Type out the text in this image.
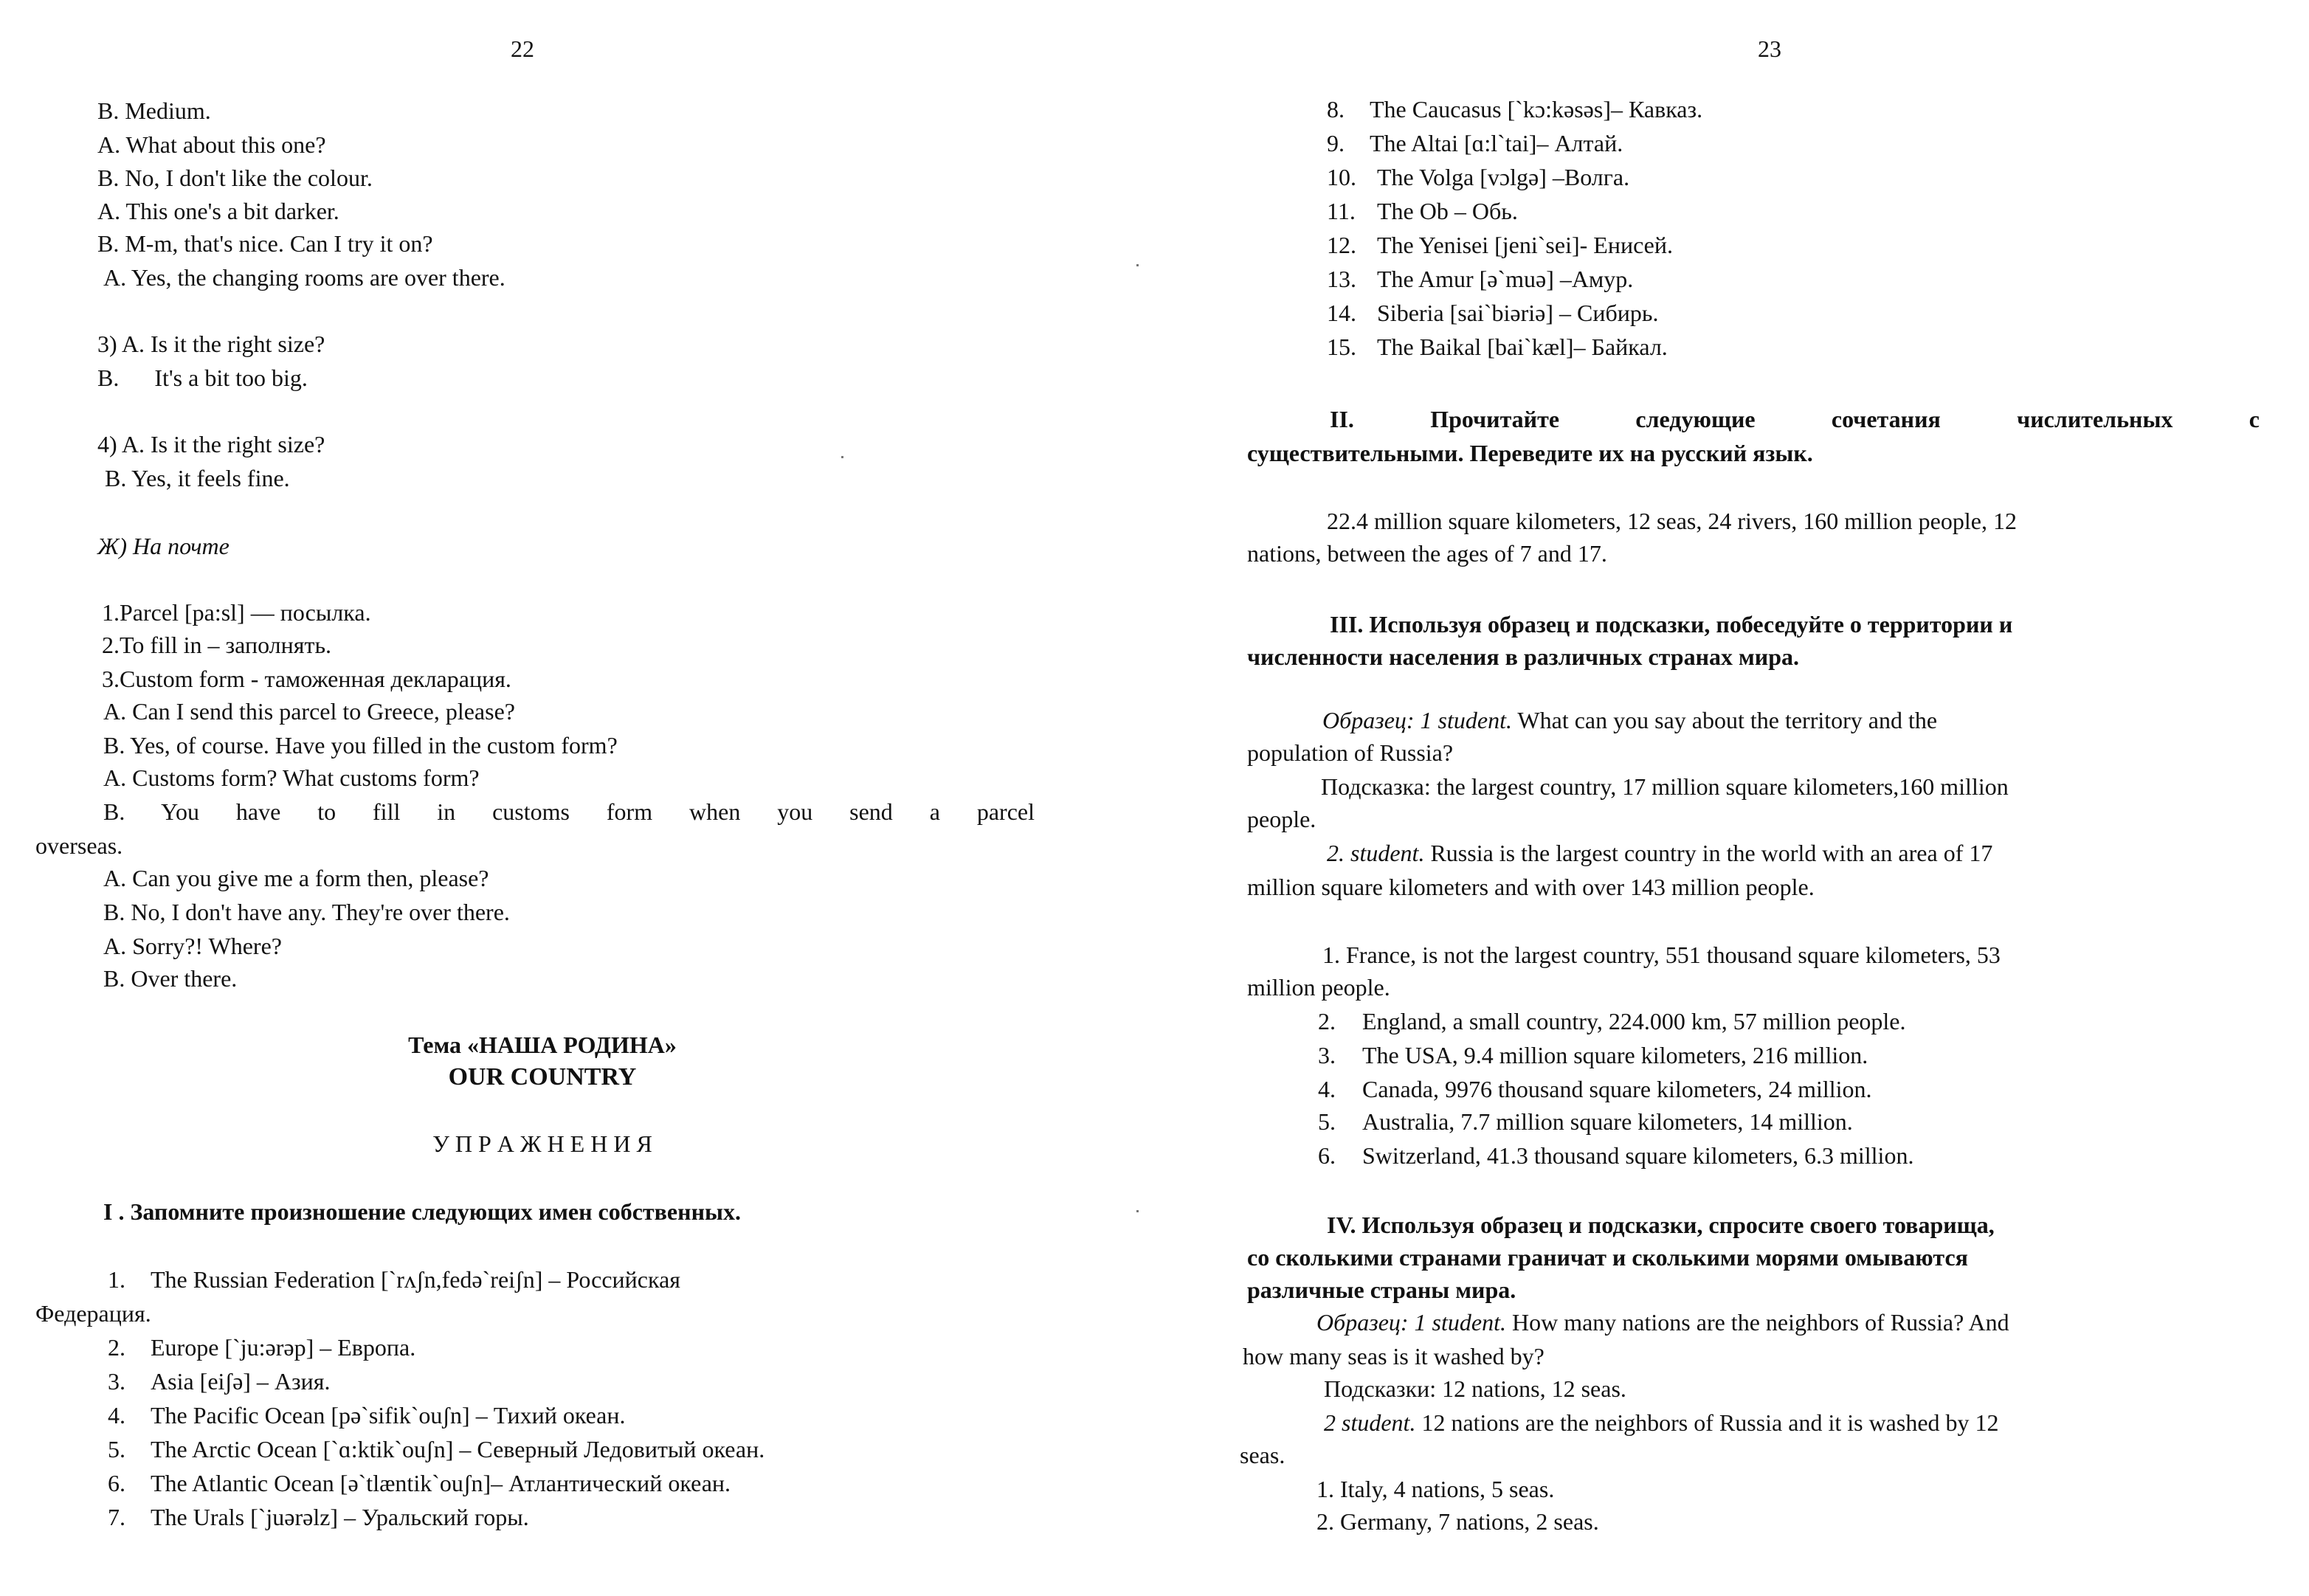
22
B. Medium.
A. What about this one?
B. No, I don't like the colour.
A. This one's a bit darker.
B. M-m, that's nice. Can I try it on?
A. Yes, the changing rooms are over there.
3) A. Is it the right size?
B.      It's a bit too big.
4) A. Is it the right size?
B. Yes, it feels fine.
Ж) На почте
1.Parcel [pa:sl] — посылка.
2.To fill in – заполнять.
3.Custom form - таможенная декларация.
A. Can I send this parcel to Greece, please?
B. Yes, of course. Have you filled in the custom form?
A. Customs form? What customs form?
B. You have to fill in customs form when you send a parcel
overseas.
A. Can you give me a form then, please?
B. No, I don't have any. They're over there.
A. Sorry?! Where?
B. Over there.
Тема «НАША РОДИНА»
OUR COUNTRY
У П Р А Ж Н Е Н И Я
I . Запомните произношение следующих имен собственных.
1. The Russian Federation [`rʌʃn,fedə`reiʃn] – Российская
Федерация.
2. Europe [`ju:ərəp] – Европа.
3. Asia [eiʃə] – Азия.
4. The Pacific Ocean [pə`sifik`ouʃn] – Тихий океан.
5. The Arctic Ocean [`ɑ:ktik`ouʃn] – Северный Ледовитый океан.
6. The Atlantic Ocean [ə`tlæntik`ouʃn]– Атлантический океан.
7. The Urals [`juərəlz] – Уральский горы.
23
8. The Caucasus [`kɔ:kəsəs]– Кавказ.
9. The Altai [ɑ:l`tai]– Алтай.
10. The Volga [vɔlgə] –Волга.
11. The Ob – Обь.
12. The Yenisei [jeni`sei]- Енисей.
13. The Amur [ə`muə] –Амур.
14. Siberia [sai`biəriə] – Сибирь.
15. The Baikal [bai`kæl]– Байкал.
II. Прочитайте следующие сочетания числительных с
существительными. Переведите их на русский язык.
22.4 million square kilometers, 12 seas, 24 rivers, 160 million people, 12
nations, between the ages of 7 and 17.
III. Используя образец и подсказки, побеседуйте о территории и
численности населения в различных странах мира.
Образец: 1 student. What can you say about the territory and the
population of Russia?
Подсказка: the largest country, 17 million square kilometers,160 million
people.
2. student. Russia is the largest country in the world with an area of 17
million square kilometers and with over 143 million people.
1. France, is not the largest country, 551 thousand square kilometers, 53
million people.
2. England, a small country, 224.000 km, 57 million people.
3. The USA, 9.4 million square kilometers, 216 million.
4. Canada, 9976 thousand square kilometers, 24 million.
5. Australia, 7.7 million square kilometers, 14 million.
6. Switzerland, 41.3 thousand square kilometers, 6.3 million.
IV. Используя образец и подсказки, спросите своего товарища,
со сколькими странами граничат и сколькими морями омываются
различные страны мира.
Образец: 1 student. How many nations are the neighbors of Russia? And
how many seas is it washed by?
Подсказки: 12 nations, 12 seas.
2 student. 12 nations are the neighbors of Russia and it is washed by 12
seas.
1. Italy, 4 nations, 5 seas.
2. Germany, 7 nations, 2 seas.
